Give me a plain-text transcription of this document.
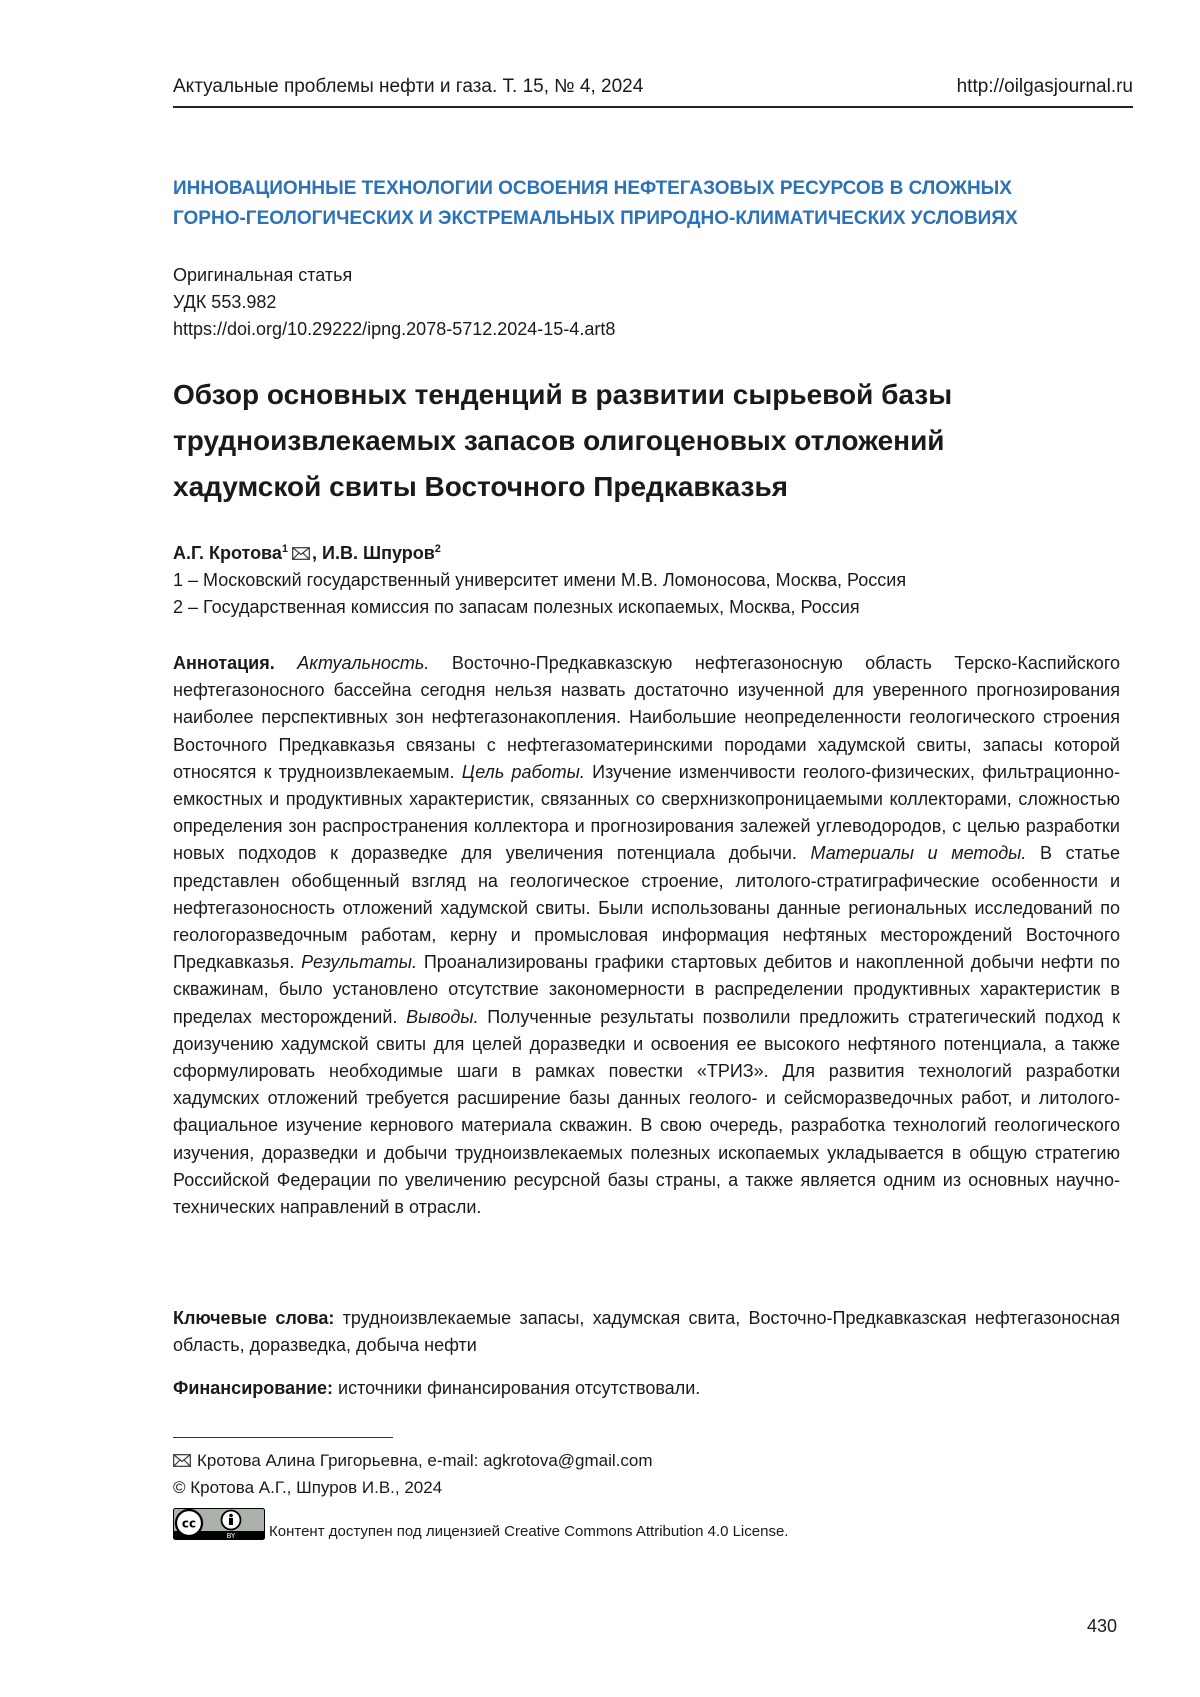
Актуальные проблемы нефти и газа. Т. 15, № 4, 2024	http://oilgasjournal.ru
ИННОВАЦИОННЫЕ ТЕХНОЛОГИИ ОСВОЕНИЯ НЕФТЕГАЗОВЫХ РЕСУРСОВ В СЛОЖНЫХ
ГОРНО-ГЕОЛОГИЧЕСКИХ И ЭКСТРЕМАЛЬНЫХ ПРИРОДНО-КЛИМАТИЧЕСКИХ УСЛОВИЯХ
Оригинальная статья
УДК 553.982
https://doi.org/10.29222/ipng.2078-5712.2024-15-4.art8
Обзор основных тенденций в развитии сырьевой базы
трудноизвлекаемых запасов олигоценовых отложений
хадумской свиты Восточного Предкавказья
А.Г. Кротова1 , И.В. Шпуров2
1 – Московский государственный университет имени М.В. Ломоносова, Москва, Россия
2 – Государственная комиссия по запасам полезных ископаемых, Москва, Россия
Аннотация. Актуальность. Восточно-Предкавказскую нефтегазоносную область Терско-Каспийского нефтегазоносного бассейна сегодня нельзя назвать достаточно изученной для уверенного прогнозирования наиболее перспективных зон нефтегазонакопления. Наибольшие неопределенности геологического строения Восточного Предкавказья связаны с нефтегазоматеринскими породами хадумской свиты, запасы которой относятся к трудноизвлекаемым. Цель работы. Изучение изменчивости геолого-физических, фильтрационно-емкостных и продуктивных характеристик, связанных со сверхнизкопроницаемыми коллекторами, сложностью определения зон распространения коллектора и прогнозирования залежей углеводородов, с целью разработки новых подходов к доразведке для увеличения потенциала добычи. Материалы и методы. В статье представлен обобщенный взгляд на геологическое строение, литолого-стратиграфические особенности и нефтегазоносность отложений хадумской свиты. Были использованы данные региональных исследований по геологоразведочным работам, керну и промысловая информация нефтяных месторождений Восточного Предкавказья. Результаты. Проанализированы графики стартовых дебитов и накопленной добычи нефти по скважинам, было установлено отсутствие закономерности в распределении продуктивных характеристик в пределах месторождений. Выводы. Полученные результаты позволили предложить стратегический подход к доизучению хадумской свиты для целей доразведки и освоения ее высокого нефтяного потенциала, а также сформулировать необходимые шаги в рамках повестки «ТРИЗ». Для развития технологий разработки хадумских отложений требуется расширение базы данных геолого- и сейсморазведочных работ, и литолого-фациальное изучение кернового материала скважин. В свою очередь, разработка технологий геологического изучения, доразведки и добычи трудноизвлекаемых полезных ископаемых укладывается в общую стратегию Российской Федерации по увеличению ресурсной базы страны, а также является одним из основных научно-технических направлений в отрасли.
Ключевые слова: трудноизвлекаемые запасы, хадумская свита, Восточно-Предкавказская нефтегазоносная область, доразведка, добыча нефти
Финансирование: источники финансирования отсутствовали.
Кротова Алина Григорьевна, e-mail: agkrotova@gmail.com
© Кротова А.Г., Шпуров И.В., 2024
cc
BY Контент доступен под лицензией Creative Commons Attribution 4.0 License.
430
